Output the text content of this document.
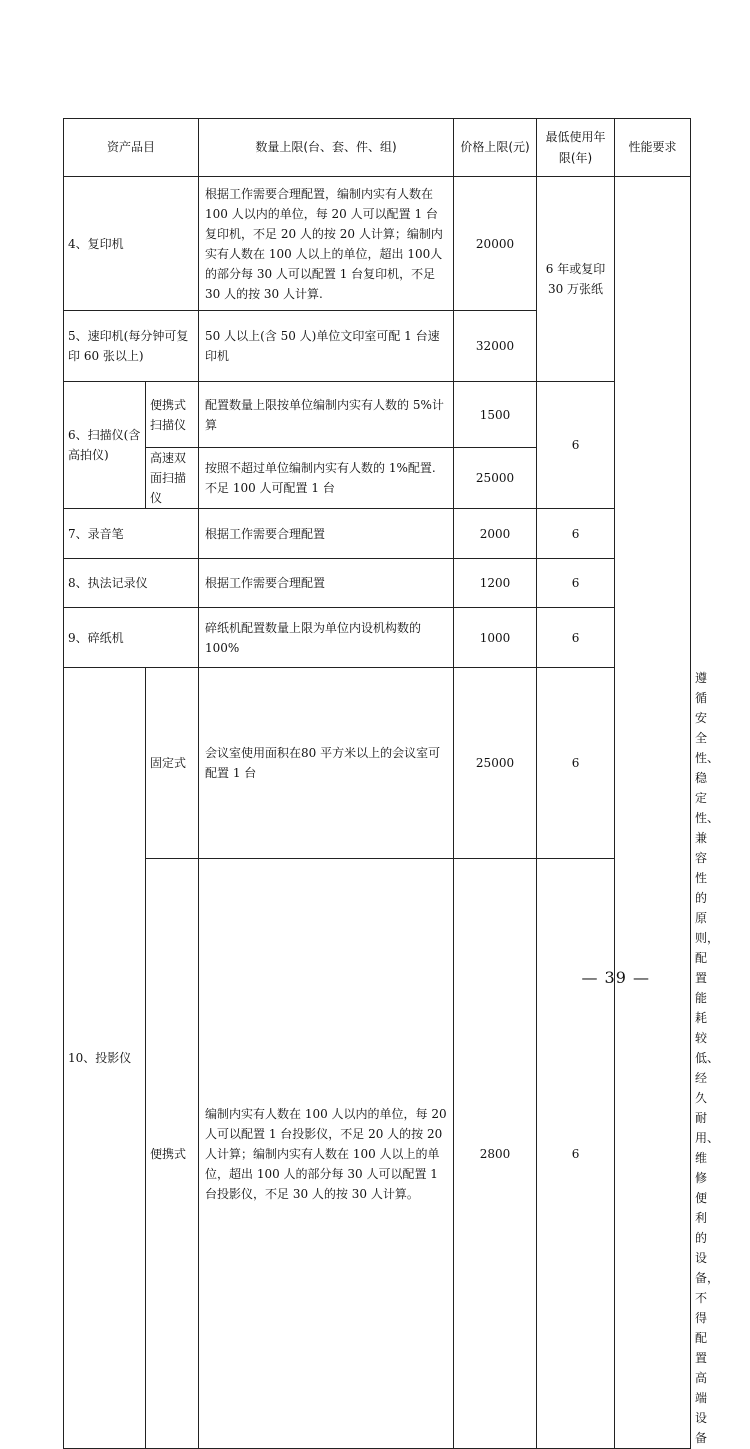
资产品目		数量上限(台、套、件、组)	价格上限(元)	最低使用年限(年)	性能要求	
4、复印机		根据工作需要合理配置，编制内实有人数在 100 人以内的单位，每 20 人可以配置 1 台复印机，不足 20 人的按 20 人计算；编制内实有人数在 100 人以上的单位，超出 100人的部分每 30 人可以配置 1 台复印机，不足 30 人的按 30 人计算.	20000	6 年或复印 30 万张纸		
5、速印机(每分钟可复印 60 张以上)		50 人以上(含 50 人)单位文印室可配 1 台速印机	32000			
6、扫描仪(含高拍仪)	便携式扫描仪	配置数量上限按单位编制内实有人数的 5%计算	1500	6		
	高速双面扫描仪	按照不超过单位编制内实有人数的 1%配置. 不足 100 人可配置 1 台	25000			
7、录音笔		根据工作需要合理配置	2000	6		
8、执法记录仪		根据工作需要合理配置	1200	6		
9、碎纸机		碎纸机配置数量上限为单位内设机构数的 100%	1000	6		
10、投影仪	固定式	会议室使用面积在80 平方米以上的会议室可配置 1 台	25000	6		遵循安全性、稳定性、兼容性的原则，配置能耗较低、经久耐用、维修便利的设备，不得配置高端设备
	便携式	编制内实有人数在 100 人以内的单位，每 20 人可以配置 1 台投影仪，不足 20 人的按 20 人计算；编制内实有人数在 100 人以上的单位，超出 100 人的部分每 30 人可以配置 1 台投影仪，不足 30 人的按 30 人计算。	2800	6		
— 39 —
